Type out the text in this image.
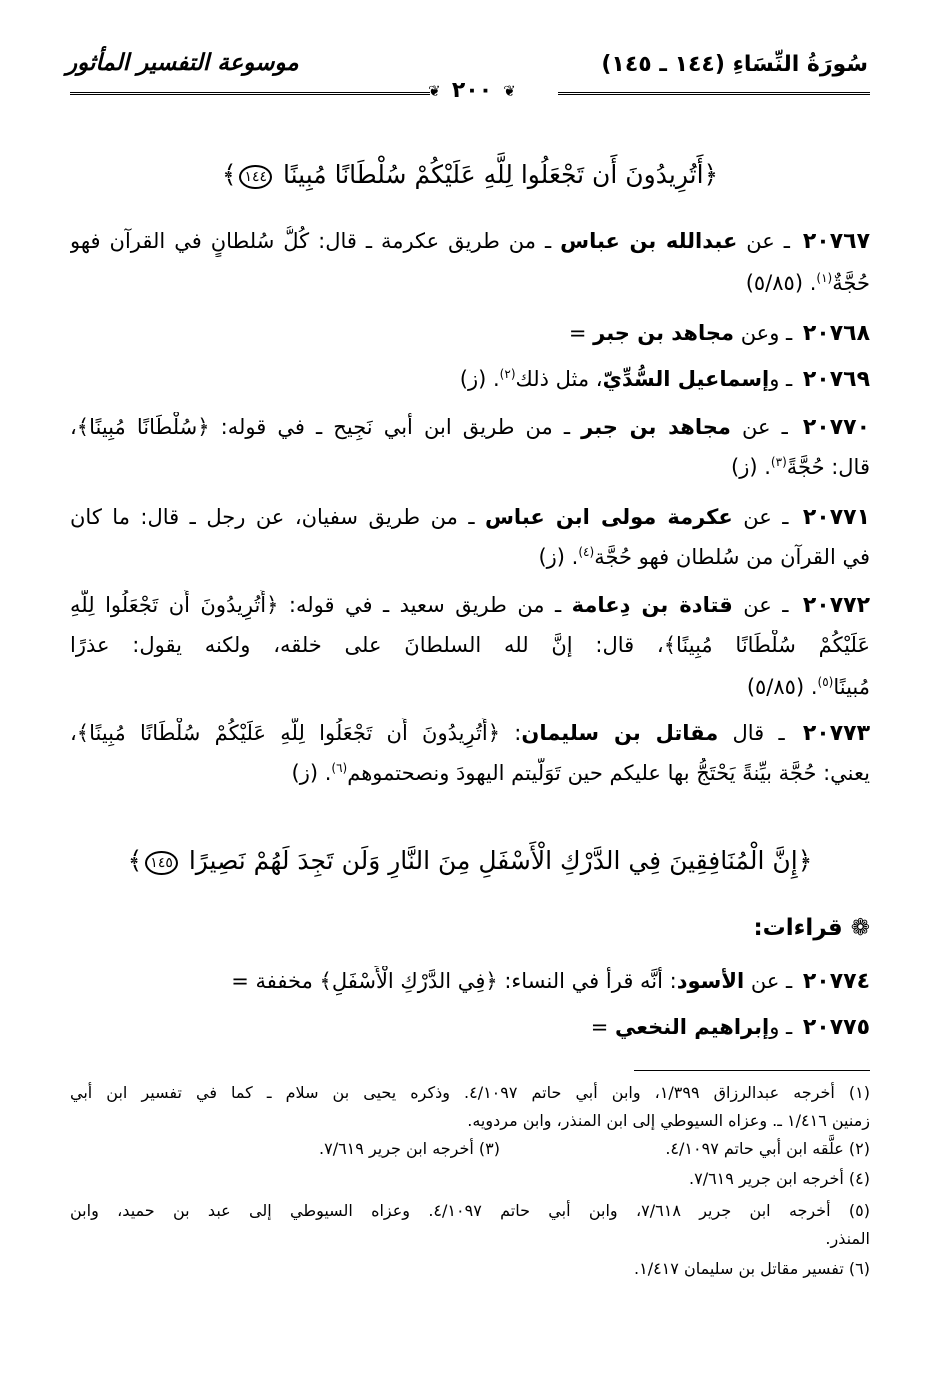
سُورَةُ النِّسَاءِ (١٤٤ ـ ١٤٥)
موسوعة التفسير المأثور
❦ ٢٠٠ ❦
﴿أَتُرِيدُونَ أَن تَجْعَلُوا لِلَّهِ عَلَيْكُمْ سُلْطَانًا مُبِينًا ١٤٤﴾
٢٠٧٦٧ ـ عن عبدالله بن عباس ـ من طريق عكرمة ـ قال: كُلُّ سُلطانٍ في القرآن فهو
حُجَّةٌ$^{(١)}$. (٥/٨٥)
٢٠٧٦٨ ـ وعن مجاهد بن جبر =
٢٠٧٦٩ ـ وإسماعيل السُّدِّيّ، مثل ذلك$^{(٢)}$. (ز)
٢٠٧٧٠ ـ عن مجاهد بن جبر ـ من طريق ابن أبي نَجِيح ـ في قوله: ﴿سُلْطَانًا مُبِينًا﴾،
قال: حُجَّةً$^{(٣)}$. (ز)
٢٠٧٧١ ـ عن عكرمة مولى ابن عباس ـ من طريق سفيان، عن رجل ـ قال: ما كان
في القرآن من سُلطان فهو حُجَّة$^{(٤)}$. (ز)
٢٠٧٧٢ ـ عن قتادة بن دِعامة ـ من طريق سعيد ـ في قوله: ﴿أَتُرِيدُونَ أَن تَجْعَلُوا لِلَّهِ
عَلَيْكُمْ سُلْطَانًا مُبِينًا﴾، قال: إنَّ لله السلطانَ على خلقه، ولكنه يقول: عذرًا
مُبينًا$^{(٥)}$. (٥/٨٥)
٢٠٧٧٣ ـ قال مقاتل بن سليمان: ﴿أَتُرِيدُونَ أَن تَجْعَلُوا لِلَّهِ عَلَيْكُمْ سُلْطَانًا مُبِينًا﴾،
يعني: حُجَّة بيِّنةً يَحْتَجُّ بها عليكم حين تَوَلَّيتم اليهودَ ونصحتموهم$^{(٦)}$. (ز)
﴿إِنَّ الْمُنَافِقِينَ فِي الدَّرْكِ الْأَسْفَلِ مِنَ النَّارِ وَلَن تَجِدَ لَهُمْ نَصِيرًا ١٤٥﴾
❁ قراءات:
٢٠٧٧٤ ـ عن الأسود: أنَّه قرأ في النساء: ﴿فِي الدَّرْكِ الْأَسْفَلِ﴾ مخففة =
٢٠٧٧٥ ـ وإبراهيم النخعي =
(١) أخرجه عبدالرزاق ١/٣٩٩، وابن أبي حاتم ٤/١٠٩٧. وذكره يحيى بن سلام ـ كما في تفسير ابن أبي
زمنين ١/٤١٦ ـ. وعزاه السيوطي إلى ابن المنذر، وابن مردويه.
(٢) علَّقه ابن أبي حاتم ٤/١٠٩٧.
(٣) أخرجه ابن جرير ٧/٦١٩.
(٤) أخرجه ابن جرير ٧/٦١٩.
(٥) أخرجه ابن جرير ٧/٦١٨، وابن أبي حاتم ٤/١٠٩٧. وعزاه السيوطي إلى عبد بن حميد، وابن
المنذر.
(٦) تفسير مقاتل بن سليمان ١/٤١٧.
